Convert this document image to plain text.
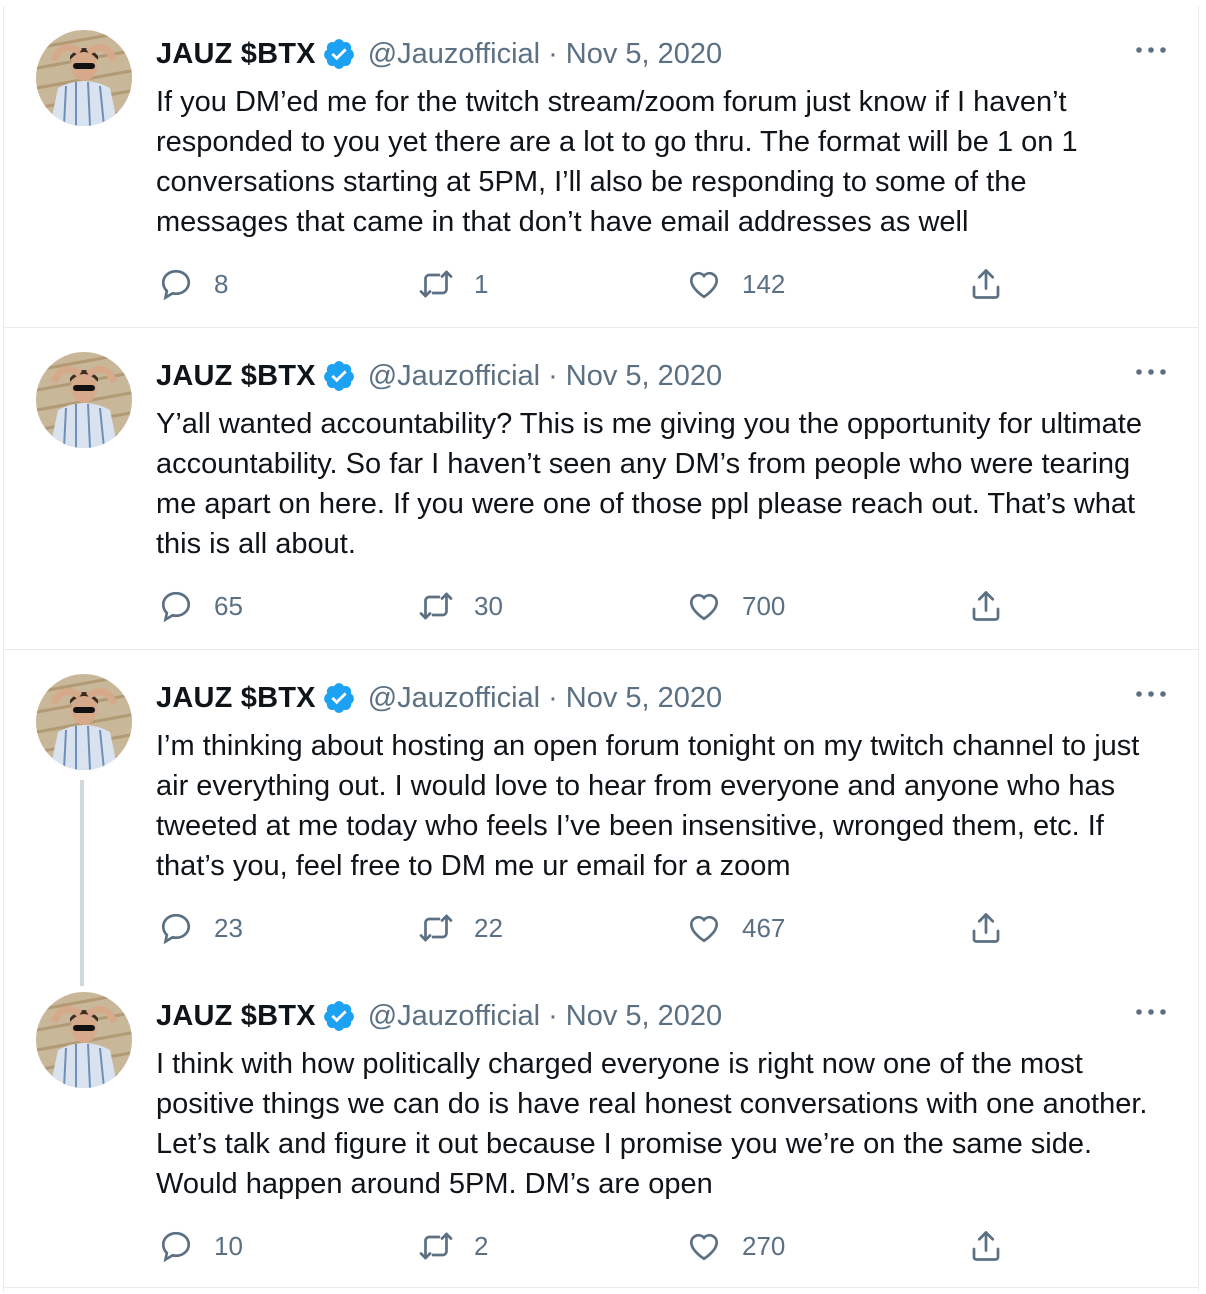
JAUZ $BTX @Jauzofficial · Nov 5, 2020
If you DM’ed me for the twitch stream/zoom forum just know if I haven’t responded to you yet there are a lot to go thru. The format will be 1 on 1 conversations starting at 5PM, I’ll also be responding to some of the messages that came in that don’t have email addresses as well
8	1	142
JAUZ $BTX @Jauzofficial · Nov 5, 2020
Y’all wanted accountability? This is me giving you the opportunity for ultimate accountability. So far I haven’t seen any DM’s from people who were tearing me apart on here. If you were one of those ppl please reach out. That’s what this is all about.
65	30	700
JAUZ $BTX @Jauzofficial · Nov 5, 2020
I’m thinking about hosting an open forum tonight on my twitch channel to just air everything out. I would love to hear from everyone and anyone who has tweeted at me today who feels I’ve been insensitive, wronged them, etc. If that’s you, feel free to DM me ur email for a zoom
23	22	467
JAUZ $BTX @Jauzofficial · Nov 5, 2020
I think with how politically charged everyone is right now one of the most positive things we can do is have real honest conversations with one another. Let’s talk and figure it out because I promise you we’re on the same side. Would happen around 5PM. DM’s are open
10	2	270
